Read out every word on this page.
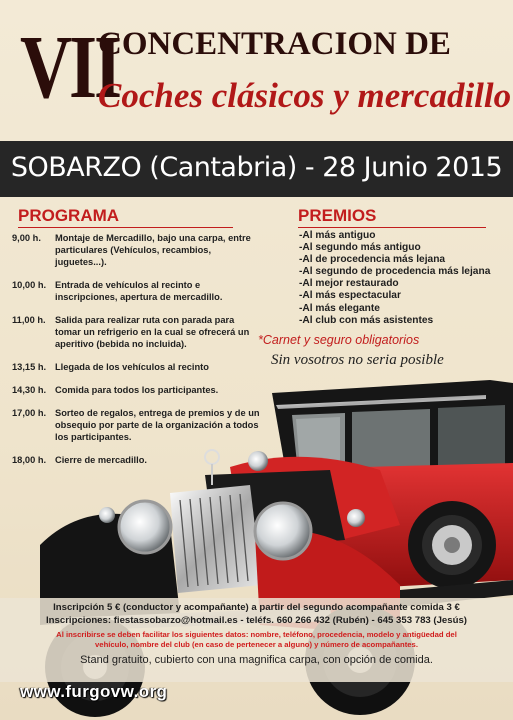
VII
CONCENTRACION DE
Coches clásicos y mercadillo
SOBARZO (Cantabria) - 28 Junio 2015
PROGRAMA	PREMIOS
9,00 h.	Montaje de Mercadillo, bajo una carpa, entre particulares (Vehículos, recambios, juguetes...).
10,00 h. Entrada de vehículos al recinto e inscripciones, apertura de mercadillo.
11,00 h.	Salida para realizar ruta con parada para tomar un refrigerio en la cual se ofrecerá un aperitivo (bebida no incluida).
13,15 h. Llegada de los vehículos al recinto
14,30 h. Comida para todos los participantes.
17,00 h. Sorteo de regalos, entrega de premios y de un obsequio por parte de la organización a todos los participantes.
18,00 h. Cierre de mercadillo.
-Al más antiguo
-Al segundo más antiguo
-Al de procedencia más lejana
-Al segundo de procedencia más lejana
-Al mejor restaurado
-Al más espectacular
-Al más elegante
-Al club con más asistentes
*Carnet y seguro obligatorios
Sin vosotros no seria posible
Inscripción 5 € (conductor y acompañante) a partir del segundo acompañante comida 3 €
Inscripciones: fiestassobarzo@hotmail.es - teléfs. 660 266 432 (Rubén) - 645 353 783 (Jesús)
Al inscribirse se deben facilitar los siguientes datos: nombre, teléfono, procedencia, modelo y antigüedad del
vehículo, nombre del club (en caso de pertenecer a alguno) y número de acompañantes.
Stand gratuito, cubierto con una magnifica carpa, con opción de comida.
www.furgovw.org
